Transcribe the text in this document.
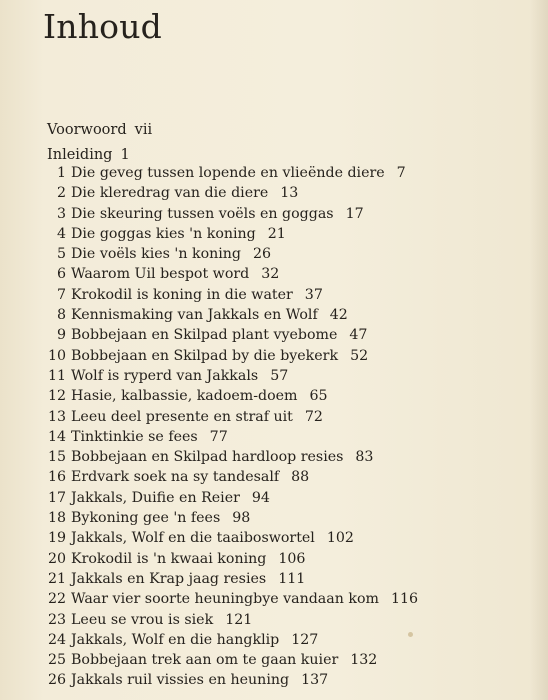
Inhoud
Voorwoord vii
Inleiding 1
1 Die geveg tussen lopende en vlieënde diere 7
2 Die kleredrag van die diere 13
3 Die skeuring tussen voëls en goggas 17
4 Die goggas kies 'n koning 21
5 Die voëls kies 'n koning 26
6 Waarom Uil bespot word 32
7 Krokodil is koning in die water 37
8 Kennismaking van Jakkals en Wolf 42
9 Bobbejaan en Skilpad plant vyebome 47
10 Bobbejaan en Skilpad by die byekerk 52
11 Wolf is ryperd van Jakkals 57
12 Hasie, kalbassie, kadoem-doem 65
13 Leeu deel presente en straf uit 72
14 Tinktinkie se fees 77
15 Bobbejaan en Skilpad hardloop resies 83
16 Erdvark soek na sy tandesalf 88
17 Jakkals, Duifie en Reier 94
18 Bykoning gee 'n fees 98
19 Jakkals, Wolf en die taaiboswortel 102
20 Krokodil is 'n kwaai koning 106
21 Jakkals en Krap jaag resies 111
22 Waar vier soorte heuningbye vandaan kom 116
23 Leeu se vrou is siek 121
24 Jakkals, Wolf en die hangklip 127
25 Bobbejaan trek aan om te gaan kuier 132
26 Jakkals ruil vissies en heuning 137
